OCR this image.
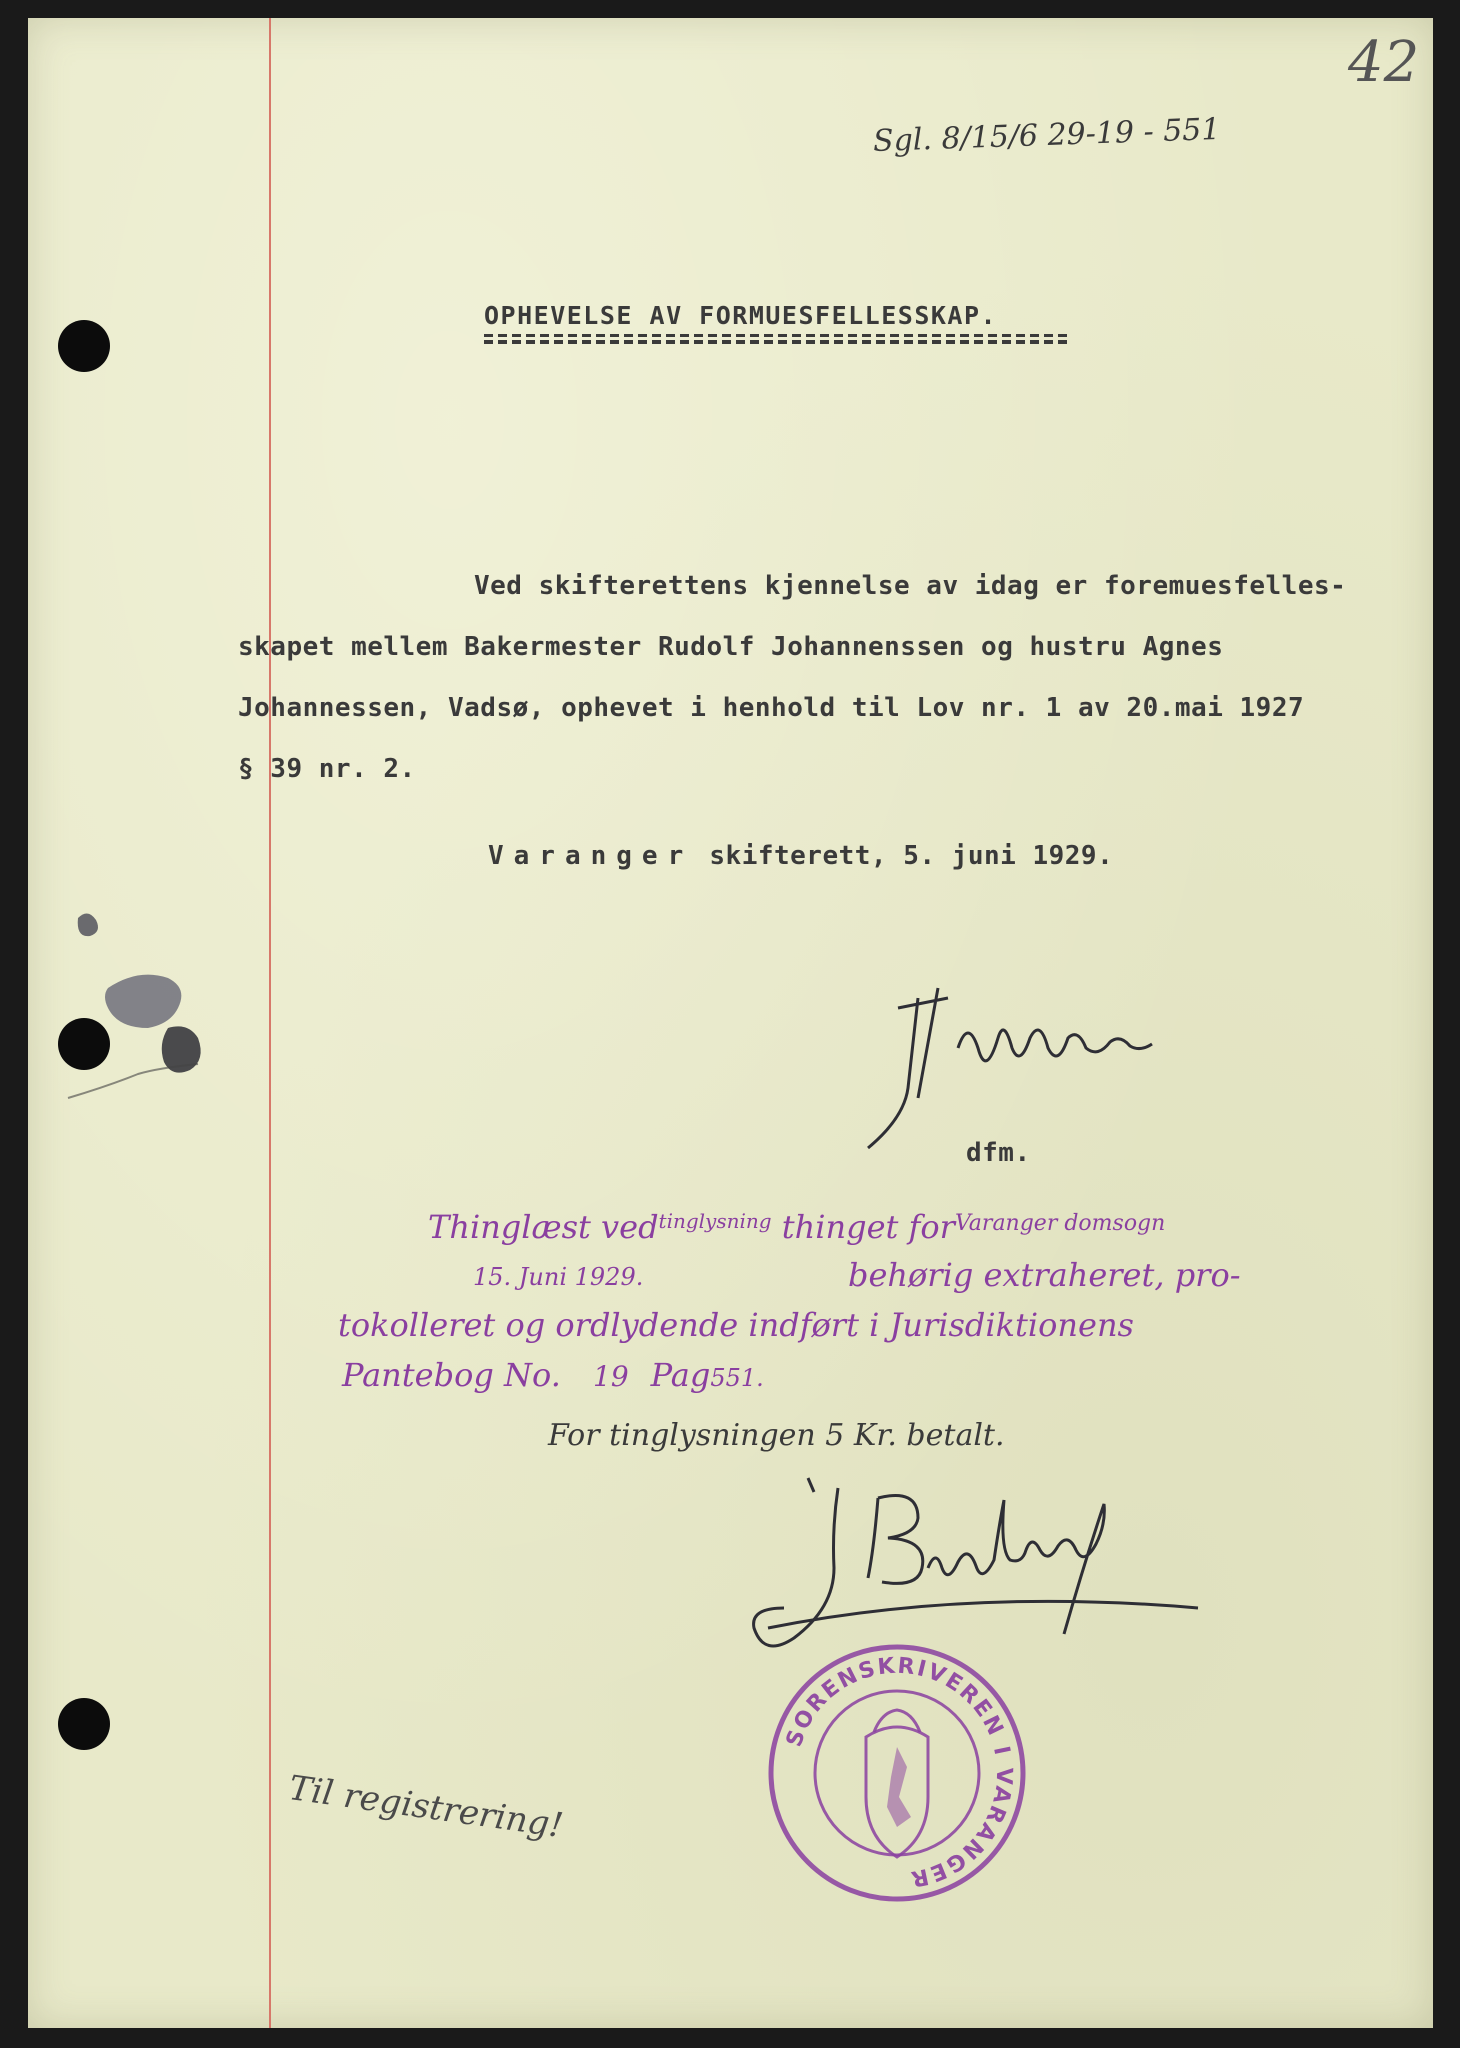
42
Sgl. 8/15/6 29-19 - 551
OPHEVELSE AV FORMUESFELLESSKAP.
Ved skifterettens kjennelse av idag er foremuesfelles-
skapet mellem Bakermester Rudolf Johannenssen og hustru Agnes
Johannessen, Vadsø, ophevet i henhold til Lov nr. 1 av 20.mai 1927
§ 39 nr. 2.
Varanger skifterett, 5. juni 1929.
dfm.
Thinglæst ved$^{tinglysning}$ thinget for$^{Varanger domsogn}$
15. Juni 1929.	behørig extraheret, pro-
tokolleret og ordlydende indført i Jurisdiktionens
Pantebog No. 19 Pag551.
For tinglysningen 5 Kr. betalt.
SORENSKRIVEREN I VARANGER
Til registrering!
